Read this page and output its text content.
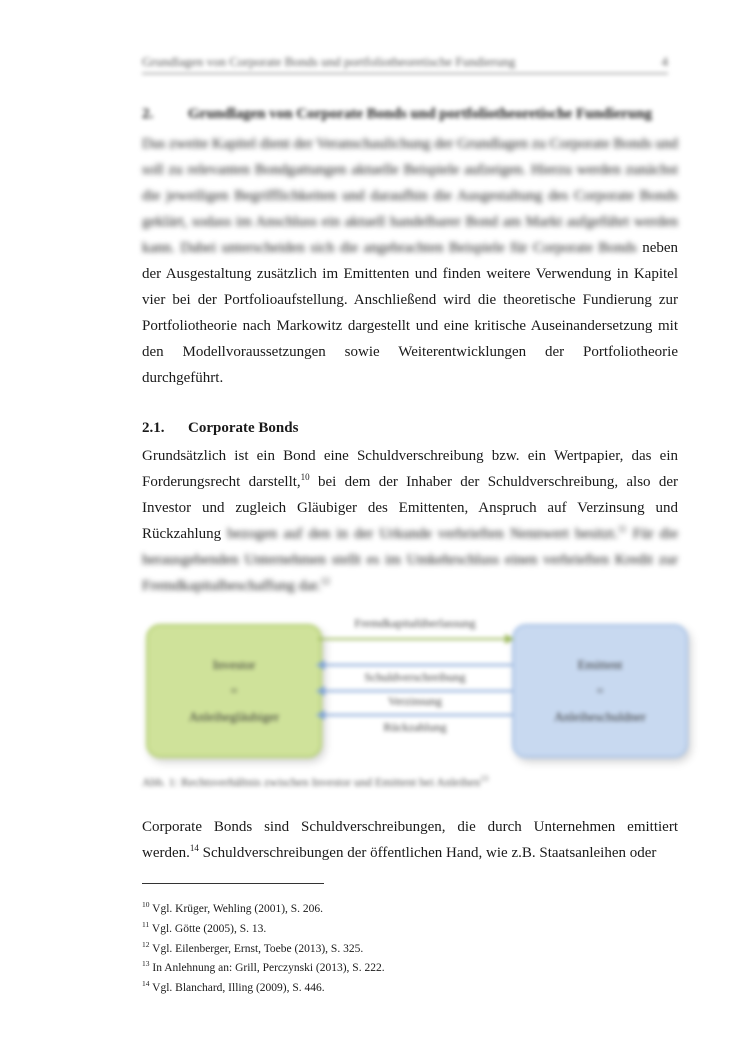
Grundlagen von Corporate Bonds und portfoliotheoretische Fundierung	4
2.	Grundlagen von Corporate Bonds und portfoliotheoretische Fundierung

Das zweite Kapitel dient der Veranschaulichung der Grundlagen zu Corporate Bonds und soll zu relevanten Bondgattungen aktuelle Beispiele aufzeigen. Hierzu werden zunächst die jeweiligen Begrifflichkeiten und daraufhin die Ausgestaltung des Corporate Bonds geklärt, sodass im Anschluss ein aktuell handelbarer Bond am Markt aufgeführt werden kann. Dabei unterscheiden sich die angebrachten Beispiele für Corporate Bonds neben der Ausgestaltung zusätzlich im Emittenten und finden weitere Verwendung in Kapitel vier bei der Portfolioaufstellung. Anschließend wird die theoretische Fundierung zur Portfoliotheorie nach Markowitz dargestellt und eine kritische Auseinandersetzung mit den Modellvoraussetzungen sowie Weiterentwicklungen der Portfoliotheorie durchgeführt.

2.1.	Corporate Bonds

Grundsätzlich ist ein Bond eine Schuldverschreibung bzw. ein Wertpapier, das ein Forderungsrecht darstellt,$^{10}$ bei dem der Inhaber der Schuldverschreibung, also der Investor und zugleich Gläubiger des Emittenten, Anspruch auf Verzinsung und Rückzahlung bezogen auf den in der Urkunde verbrieften Nennwert besitzt.$^{11}$ Für die herausgebenden Unternehmen stellt es im Umkehrschluss einen verbrieften Kredit zur Fremdkapitalbeschaffung dar.$^{12}$

Investor
=
Anleihegläubiger
Emittent
=
Anleiheschuldner
Fremdkapitalüberlassung
Schuldverschreibung
Verzinsung
Rückzahlung
Abb. 1: Rechtsverhältnis zwischen Investor und Emittent bei Anleihen$^{13}$

Corporate Bonds sind Schuldverschreibungen, die durch Unternehmen emittiert werden.$^{14}$ Schuldverschreibungen der öffentlichen Hand, wie z.B. Staatsanleihen oder

$^{10}$ Vgl. Krüger, Wehling (2001), S. 206.
$^{11}$ Vgl. Götte (2005), S. 13.
$^{12}$ Vgl. Eilenberger, Ernst, Toebe (2013), S. 325.
$^{13}$ In Anlehnung an: Grill, Perczynski (2013), S. 222.
$^{14}$ Vgl. Blanchard, Illing (2009), S. 446.
